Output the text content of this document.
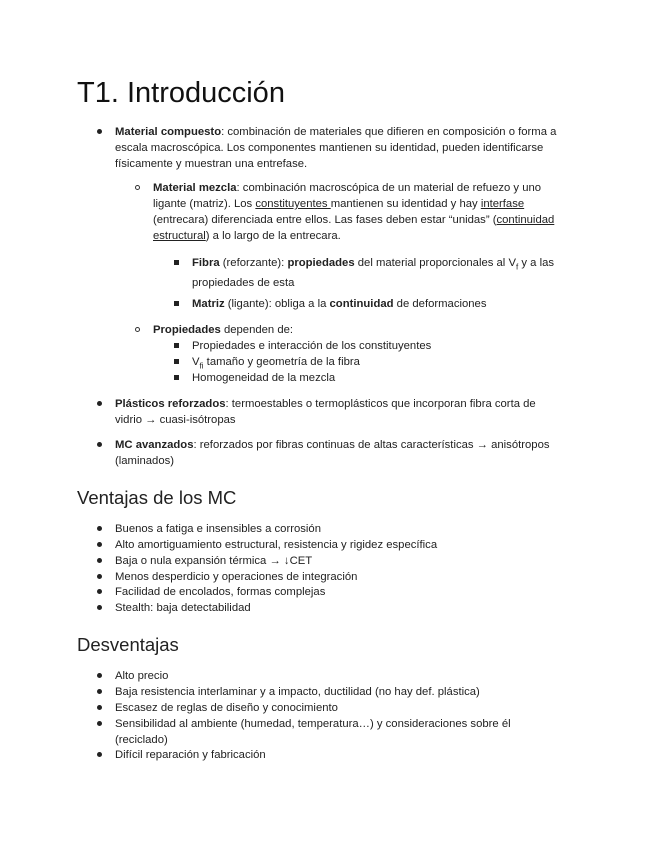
T1. Introducción
Material compuesto: combinación de materiales que difieren en composición o forma a
escala macroscópica. Los componentes mantienen su identidad, pueden identificarse
físicamente y muestran una entrefase.
Material mezcla: combinación macroscópica de un material de refuezo y uno
ligante (matriz). Los constituyentes mantienen su identidad y hay interfase
(entrecara) diferenciada entre ellos. Las fases deben estar “unidas” (continuidad
estructural) a lo largo de la entrecara.
Fibra (reforzante): propiedades del material proporcionales al $V_f$ y a las
propiedades de esta
Matriz (ligante): obliga a la continuidad de deformaciones
Propiedades dependen de:
Propiedades e interacción de los constituyentes
$V_{fi}$ tamaño y geometría de la fibra
Homogeneidad de la mezcla
Plásticos reforzados: termoestables o termoplásticos que incorporan fibra corta de
vidrio → cuasi-isótropas
MC avanzados: reforzados por fibras continuas de altas características → anisótropos
(laminados)
Ventajas de los MC
Buenos a fatiga e insensibles a corrosión
Alto amortiguamiento estructural, resistencia y rigidez específica
Baja o nula expansión térmica → ↓CET
Menos desperdicio y operaciones de integración
Facilidad de encolados, formas complejas
Stealth: baja detectabilidad
Desventajas
Alto precio
Baja resistencia interlaminar y a impacto, ductilidad (no hay def. plástica)
Escasez de reglas de diseño y conocimiento
Sensibilidad al ambiente (humedad, temperatura…) y consideraciones sobre él
(reciclado)
Difícil reparación y fabricación
